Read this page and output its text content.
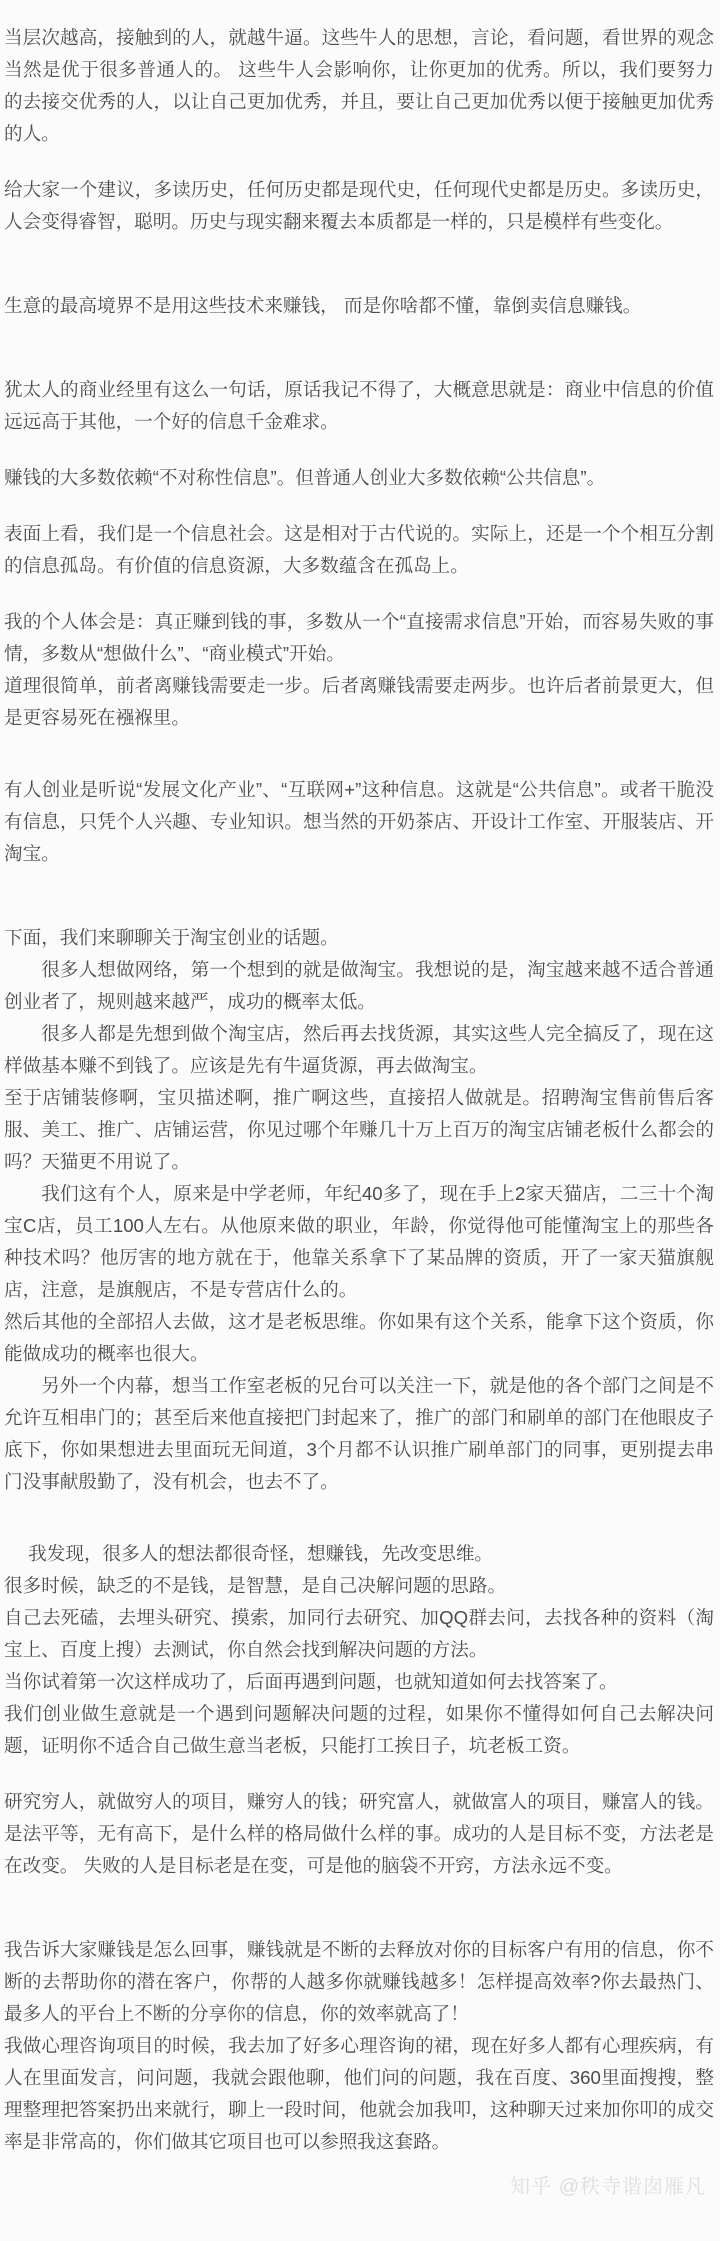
当层次越高，接触到的人，就越牛逼。这些牛人的思想，言论，看问题，看世界的观念当然是优于很多普通人的。 这些牛人会影响你，让你更加的优秀。所以，我们要努力的去接交优秀的人，以让自己更加优秀，并且，要让自己更加优秀以便于接触更加优秀的人。

给大家一个建议，多读历史，任何历史都是现代史，任何现代史都是历史。多读历史，人会变得睿智，聪明。历史与现实翻来覆去本质都是一样的，只是模样有些变化。

生意的最高境界不是用这些技术来赚钱， 而是你啥都不懂，靠倒卖信息赚钱。

犹太人的商业经里有这么一句话，原话我记不得了，大概意思就是：商业中信息的价值远远高于其他，一个好的信息千金难求。

赚钱的大多数依赖“不对称性信息”。但普通人创业大多数依赖“公共信息”。

表面上看，我们是一个信息社会。这是相对于古代说的。实际上，还是一个个相互分割的信息孤岛。有价值的信息资源，大多数蕴含在孤岛上。

我的个人体会是：真正赚到钱的事，多数从一个“直接需求信息”开始，而容易失败的事情，多数从“想做什么”、“商业模式”开始。

道理很简单，前者离赚钱需要走一步。后者离赚钱需要走两步。也许后者前景更大，但是更容易死在襁褓里。

有人创业是听说“发展文化产业”、“互联网+”这种信息。这就是“公共信息”。或者干脆没有信息，只凭个人兴趣、专业知识。想当然的开奶茶店、开设计工作室、开服装店、开淘宝。

下面，我们来聊聊关于淘宝创业的话题。

很多人想做网络，第一个想到的就是做淘宝。我想说的是，淘宝越来越不适合普通创业者了，规则越来越严，成功的概率太低。

很多人都是先想到做个淘宝店，然后再去找货源，其实这些人完全搞反了，现在这样做基本赚不到钱了。应该是先有牛逼货源，再去做淘宝。

至于店铺装修啊，宝贝描述啊，推广啊这些，直接招人做就是。招聘淘宝售前售后客服、美工、推广、店铺运营，你见过哪个年赚几十万上百万的淘宝店铺老板什么都会的吗？天猫更不用说了。

我们这有个人，原来是中学老师，年纪40多了，现在手上2家天猫店，二三十个淘宝C店，员工100人左右。从他原来做的职业，年龄，你觉得他可能懂淘宝上的那些各种技术吗？他厉害的地方就在于，他靠关系拿下了某品牌的资质，开了一家天猫旗舰店，注意，是旗舰店，不是专营店什么的。

然后其他的全部招人去做，这才是老板思维。你如果有这个关系，能拿下这个资质，你能做成功的概率也很大。

另外一个内幕，想当工作室老板的兄台可以关注一下，就是他的各个部门之间是不允许互相串门的；甚至后来他直接把门封起来了，推广的部门和刷单的部门在他眼皮子底下，你如果想进去里面玩无间道，3个月都不认识推广刷单部门的同事，更别提去串门没事献殷勤了，没有机会，也去不了。

我发现，很多人的想法都很奇怪，想赚钱，先改变思维。

很多时候，缺乏的不是钱，是智慧，是自己决解问题的思路。

自己去死磕，去埋头研究、摸索，加同行去研究、加QQ群去问，去找各种的资料（淘宝上、百度上搜）去测试，你自然会找到解决问题的方法。

当你试着第一次这样成功了，后面再遇到问题，也就知道如何去找答案了。

我们创业做生意就是一个遇到问题解决问题的过程，如果你不懂得如何自己去解决问题，证明你不适合自己做生意当老板，只能打工挨日子，坑老板工资。

研究穷人，就做穷人的项目，赚穷人的钱；研究富人，就做富人的项目，赚富人的钱。是法平等，无有高下，是什么样的格局做什么样的事。成功的人是目标不变，方法老是在改变。 失败的人是目标老是在变，可是他的脑袋不开窍，方法永远不变。

我告诉大家赚钱是怎么回事，赚钱就是不断的去释放对你的目标客户有用的信息，你不断的去帮助你的潜在客户，你帮的人越多你就赚钱越多！怎样提高效率?你去最热门、最多人的平台上不断的分享你的信息，你的效率就高了！

我做心理咨询项目的时候，我去加了好多心理咨询的裙，现在好多人都有心理疾病，有人在里面发言，问问题，我就会跟他聊，他们问的问题，我在百度、360里面搜搜，整理整理把答案扔出来就行，聊上一段时间，他就会加我叩，这种聊天过来加你叩的成交率是非常高的，你们做其它项目也可以参照我这套路。

知乎 @秩寺谐囱雁凡
